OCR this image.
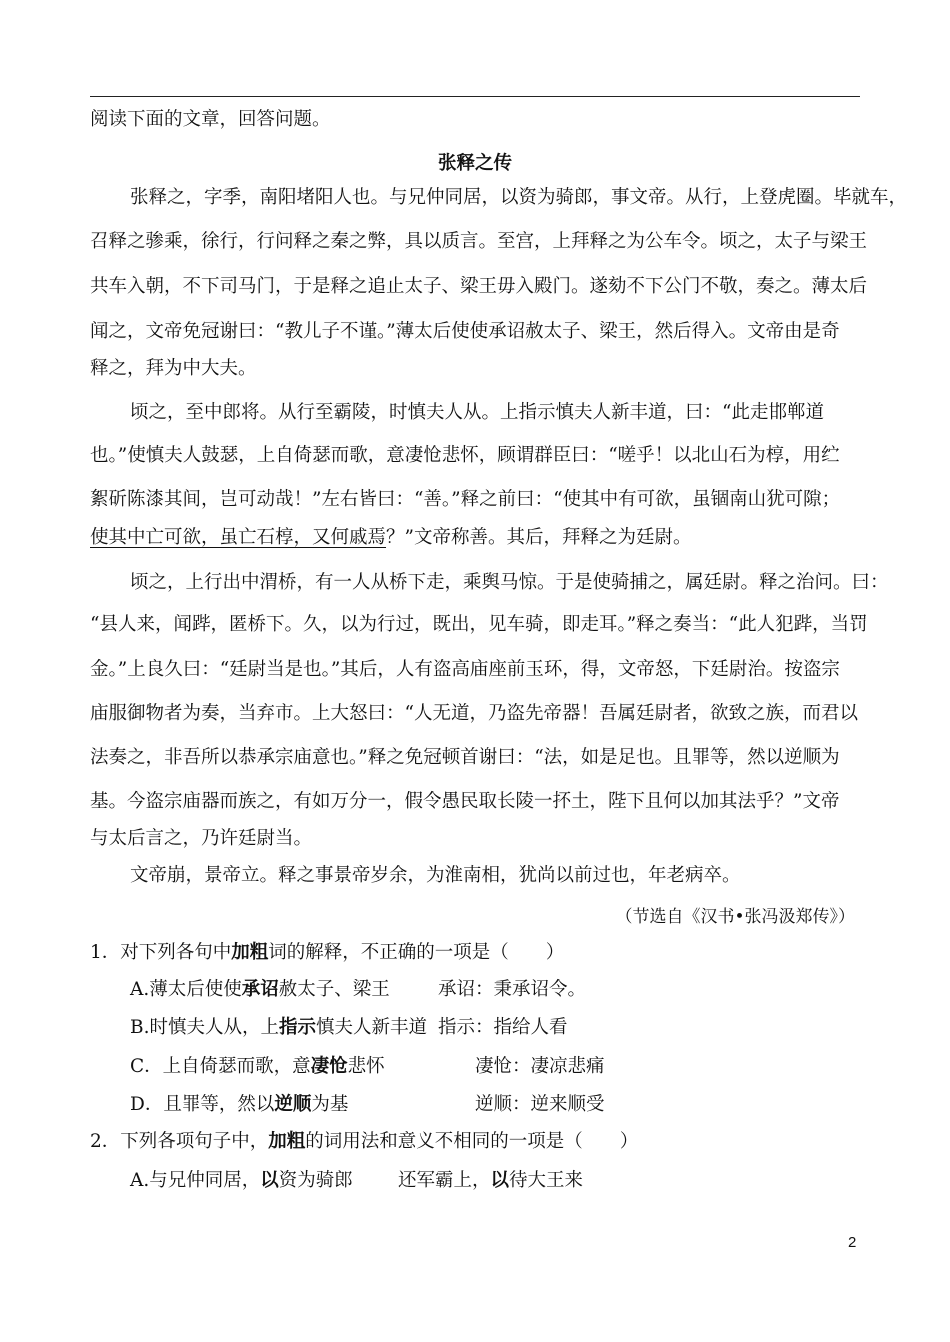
阅读下面的文章，回答问题。
张释之传
张释之，字季，南阳堵阳人也。与兄仲同居，以资为骑郎，事文帝。从行，上登虎圈。毕就车，
召释之骖乘，徐行，行问释之秦之弊，具以质言。至宫，上拜释之为公车令。顷之，太子与梁王
共车入朝，不下司马门，于是释之追止太子、梁王毋入殿门。遂劾不下公门不敬，奏之。薄太后
闻之，文帝免冠谢曰：“教儿子不谨。”薄太后使使承诏赦太子、梁王，然后得入。文帝由是奇
释之，拜为中大夫。
顷之，至中郎将。从行至霸陵，时慎夫人从。上指示慎夫人新丰道，曰：“此走邯郸道
也。”使慎夫人鼓瑟，上自倚瑟而歌，意凄怆悲怀，顾谓群臣曰：“嗟乎！以北山石为椁，用纻
絮斫陈漆其间，岂可动哉！”左右皆曰：“善。”释之前曰：“使其中有可欲，虽锢南山犹可隙；
使其中亡可欲，虽亡石椁，又何戚焉？”文帝称善。其后，拜释之为廷尉。
顷之，上行出中渭桥，有一人从桥下走，乘舆马惊。于是使骑捕之，属廷尉。释之治问。曰：
“县人来，闻跸，匿桥下。久，以为行过，既出，见车骑，即走耳。”释之奏当：“此人犯跸，当罚
金。”上良久曰：“廷尉当是也。”其后，人有盗高庙座前玉环，得，文帝怒，下廷尉治。按盗宗
庙服御物者为奏，当弃市。上大怒曰：“人无道，乃盗先帝器！吾属廷尉者，欲致之族，而君以
法奏之，非吾所以恭承宗庙意也。”释之免冠顿首谢曰：“法，如是足也。且罪等，然以逆顺为
基。今盗宗庙器而族之，有如万分一，假令愚民取长陵一抔土，陛下且何以加其法乎？”文帝
与太后言之，乃许廷尉当。
文帝崩，景帝立。释之事景帝岁余，为淮南相，犹尚以前过也，年老病卒。
（节选自《汉书•张冯汲郑传》）
1．对下列各句中加粗词的解释，不正确的一项是（　　）
A.薄太后使使承诏赦太子、梁王	承诏：秉承诏令。
B.时慎夫人从，上指示慎夫人新丰道 指示：指给人看
C．上自倚瑟而歌，意凄怆悲怀	凄怆：凄凉悲痛
D．且罪等，然以逆顺为基	逆顺：逆来顺受
2．下列各项句子中，加粗的词用法和意义不相同的一项是（　　）
A.与兄仲同居，以资为骑郎	还军霸上，以待大王来
2
